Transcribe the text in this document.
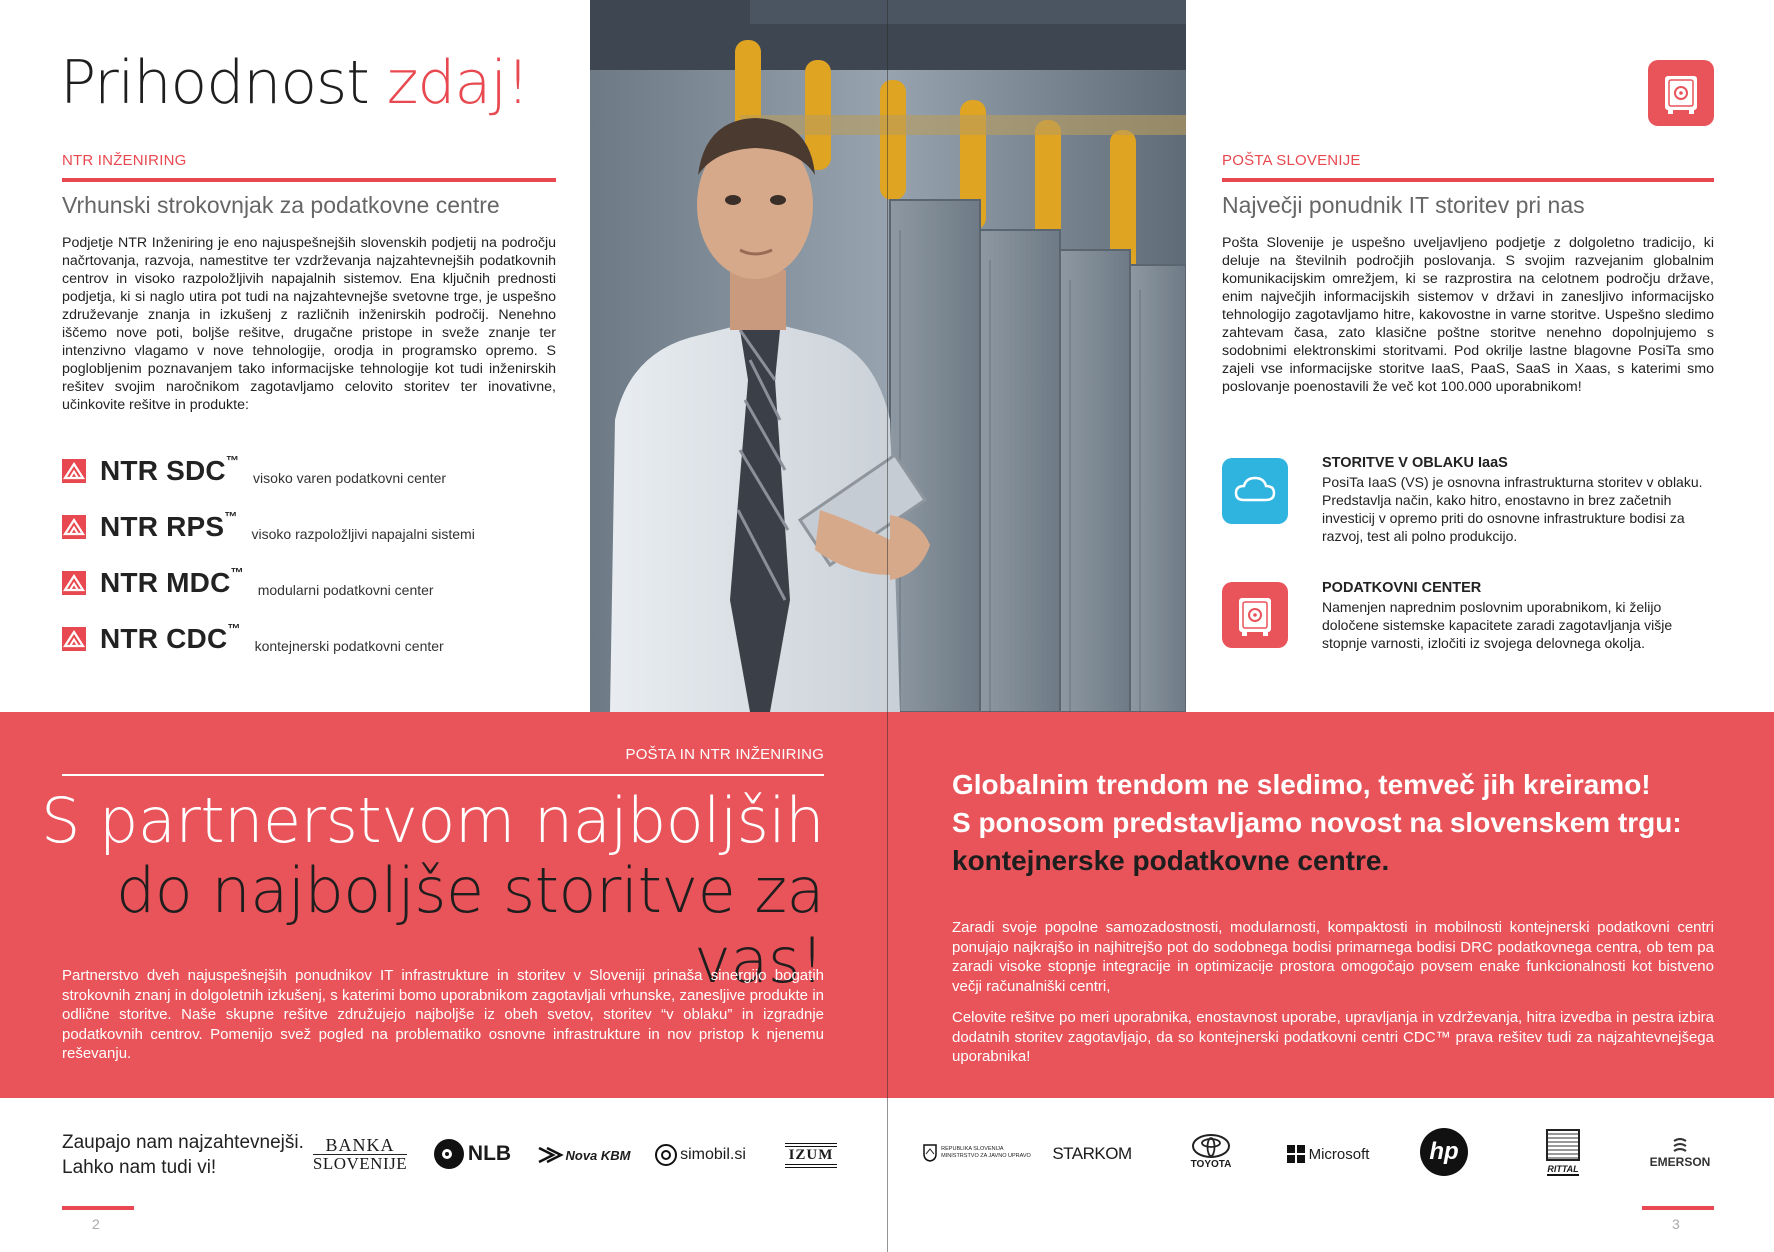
Prihodnost zdaj!
NTR INŽENIRING
Vrhunski strokovnjak za podatkovne centre
Podjetje NTR Inženiring je eno najuspešnejših slovenskih podjetij na področju načrtovanja, razvoja, namestitve ter vzdrževanja najzahtevnejših podatkovnih centrov in visoko razpoložljivih napajalnih sistemov. Ena ključnih prednosti podjetja, ki si naglo utira pot tudi na najzahtevnejše svetovne trge, je uspešno združevanje znanja in izkušenj z različnih inženirskih področij. Nenehno iščemo nove poti, boljše rešitve, drugačne pristope in sveže znanje ter intenzivno vlagamo v nove tehnologije, orodja in programsko opremo. S poglobljenim poznavanjem tako informacijske tehnologije kot tudi inženirskih rešitev svojim naročnikom zagotavljamo celovito storitev ter inovativne, učinkovite rešitve in produkte:
NTR SDC™
visoko varen podatkovni center
NTR RPS™
visoko razpoložljivi napajalni sistemi
NTR MDC™
modularni podatkovni center
NTR CDC™
kontejnerski podatkovni center
POŠTA SLOVENIJE
Največji ponudnik IT storitev pri nas
Pošta Slovenije je uspešno uveljavljeno podjetje z dolgoletno tradicijo, ki deluje na številnih področjih poslovanja. S svojim razvejanim globalnim komunikacijskim omrežjem, ki se razprostira na celotnem področju države, enim največjih informacijskih sistemov v državi in zanesljivo informacijsko tehnologijo zagotavljamo hitre, kakovostne in varne storitve. Uspešno sledimo zahtevam časa, zato klasične poštne storitve nenehno dopolnjujemo s sodobnimi elektronskimi storitvami. Pod okrilje lastne blagovne PosiTa smo zajeli vse informacijske storitve IaaS, PaaS, SaaS in Xaas, s katerimi smo poslovanje poenostavili že več kot 100.000 uporabnikom!
STORITVE V OBLAKU IaaS
PosiTa IaaS (VS) je osnovna infrastrukturna storitev v oblaku. Predstavlja način, kako hitro, enostavno in brez začetnih investicij v opremo priti do osnovne infrastrukture bodisi za razvoj, test ali polno produkcijo.
PODATKOVNI CENTER
Namenjen naprednim poslovnim uporabnikom, ki želijo določene sistemske kapacitete zaradi zagotavljanja višje stopnje varnosti, izločiti iz svojega delovnega okolja.
POŠTA IN NTR INŽENIRING
S partnerstvom najboljših
do najboljše storitve za vas!
Partnerstvo dveh najuspešnejših ponudnikov IT infrastrukture in storitev v Sloveniji prinaša sinergijo bogatih strokovnih znanj in dolgoletnih izkušenj, s katerimi bomo uporabnikom zagotavljali vrhunske, zanesljive produkte in odlične storitve. Naše skupne rešitve združujejo najboljše iz obeh svetov, storitev “v oblaku” in izgradnje podatkovnih centrov. Pomenijo svež pogled na problematiko osnovne infrastrukture in nov pristop k njenemu reševanju.
Globalnim trendom ne sledimo, temveč jih kreiramo!
S ponosom predstavljamo novost na slovenskem trgu:
kontejnerske podatkovne centre.
Zaradi svoje popolne samozadostnosti, modularnosti, kompaktosti in mobilnosti kontejnerski podatkovni centri ponujajo najkrajšo in najhitrejšo pot do sodobnega bodisi primarnega bodisi DRC podatkovnega centra, ob tem pa zaradi visoke stopnje integracije in optimizacije prostora omogočajo povsem enake funkcionalnosti kot bistveno večji računalniški centri,
Celovite rešitve po meri uporabnika, enostavnost uporabe, upravljanja in vzdrževanja, hitra izvedba in pestra izbira dodatnih storitev zagotavljajo, da so kontejnerski podatkovni centri CDC™ prava rešitev tudi za najzahtevnejšega uporabnika!
Zaupajo nam najzahtevnejši.
Lahko nam tudi vi!
BANKA
SLOVENIJE	NLB	Nova KBM	simobil.si	IZUM	REPUBLIKA SLOVENIJA
MINISTRSTVO ZA JAVNO UPRAVO STARKOM
TOYOTA
Microsoft hp
RITTAL	EMERSON
2	3
